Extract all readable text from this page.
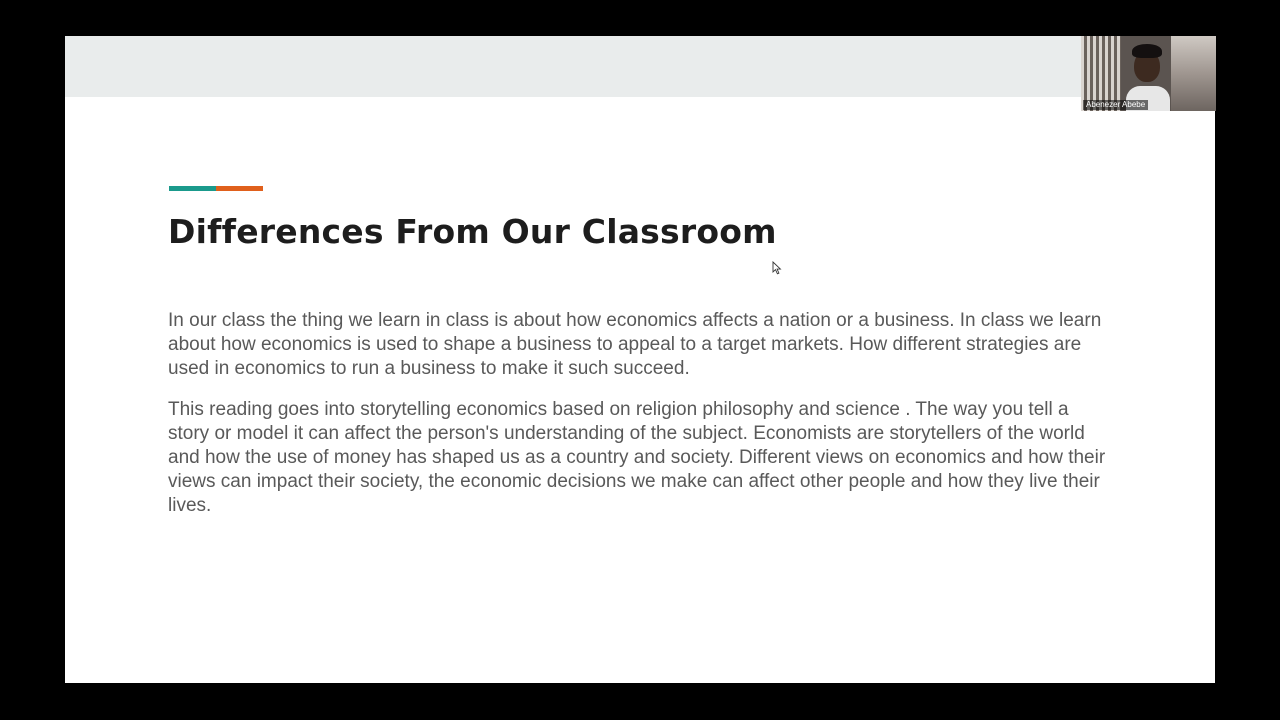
Differences From Our Classroom

In our class the thing we learn in class is about how economics affects a nation or a business. In class we learn about how economics is used to shape a business to appeal to a target markets. How different strategies are used in economics to run a business to make it such succeed.

This reading goes into storytelling economics based on religion philosophy and science . The way you tell a story or model it can affect the person's understanding of the subject. Economists are storytellers of the world and how the use of money has shaped us as a country and society. Different views on economics and how their views can impact their society, the economic decisions we make can affect other people and how they live their lives.

Abenezer Abebe
